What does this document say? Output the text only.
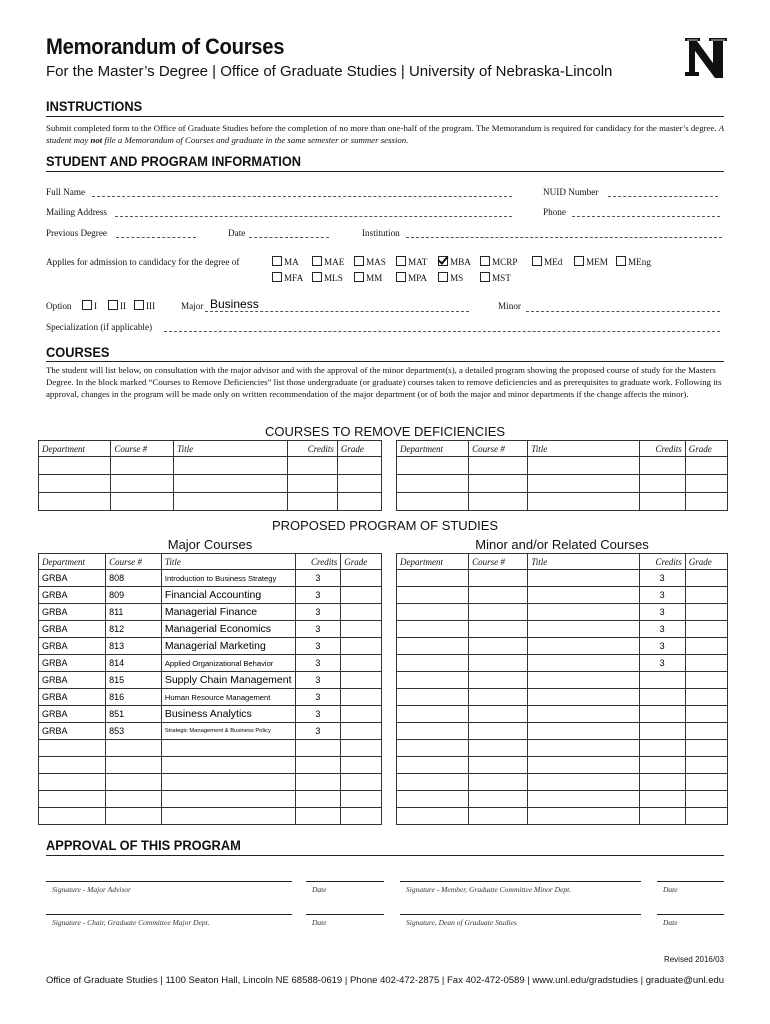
Memorandum of Courses
For the Master’s Degree | Office of Graduate Studies | University of Nebraska-Lincoln
INSTRUCTIONS
Submit completed form to the Office of Graduate Studies before the completion of no more than one-half of the program. The Memorandum is required for candidacy for the master’s degree. A student may not file a Memorandum of Courses and graduate in the same semester or summer session.
STUDENT AND PROGRAM INFORMATION
Full Name	NUID Number
Mailing Address	Phone
Previous Degree	Date	Institution
Applies for admission to candidacy for the degree of	MA	MAE MAS MAT MBA MCRP	MEd	MEM MEng
MFA MLS	MM	MPA MS	MST
Option	I II III	Major Business	Minor
Specialization (if applicable)
COURSES
The student will list below, on consultation with the major advisor and with the approval of the minor department(s), a detailed program showing the proposed course of study for the Masters Degree. In the block marked “Courses to Remove Deficiencies” list those undergraduate (or graduate) courses taken to remove deficiencies and as prerequisites to graduate work. Following its approval, changes in the program will be made only on written recommendation of the major department (or of both the major and minor departments if the change affects the minor).
COURSES TO REMOVE DEFICIENCIES
Department	Course #	Title	Credits	Grade

					Department	Course #	Title	Credits	Grade

PROPOSED PROGRAM OF STUDIES
Major Courses	Minor and/or Related Courses
Department	Course #	Title	Credits	Grade
GRBA	808	Introduction to Business Strategy	3	
GRBA	809	Financial Accounting	3	
GRBA	811	Managerial Finance	3	
GRBA	812	Managerial Economics	3	
GRBA	813	Managerial Marketing	3	
GRBA	814	Applied Organizational Behavior	3	
GRBA	815	Supply Chain Management	3	
GRBA	816	Human Resource Management	3	
GRBA	851	Business Analytics	3	
GRBA	853	Strategic Management & Business Policy	3	

Department	Course #	Title	Credits	Grade
			3	
			3	
			3	
			3	
			3	
			3	

APPROVAL OF THIS PROGRAM
Signature - Major Advisor	Date	Signature - Member, Graduate Committee Minor Dept.	Date
Signature - Chair, Graduate Committee Major Dept.	Date	Signature, Dean of Graduate Studies	Date
Revised 2016/03
Office of Graduate Studies | 1100 Seaton Hall, Lincoln NE 68588-0619 | Phone 402-472-2875 | Fax 402-472-0589 | www.unl.edu/gradstudies | graduate@unl.edu
